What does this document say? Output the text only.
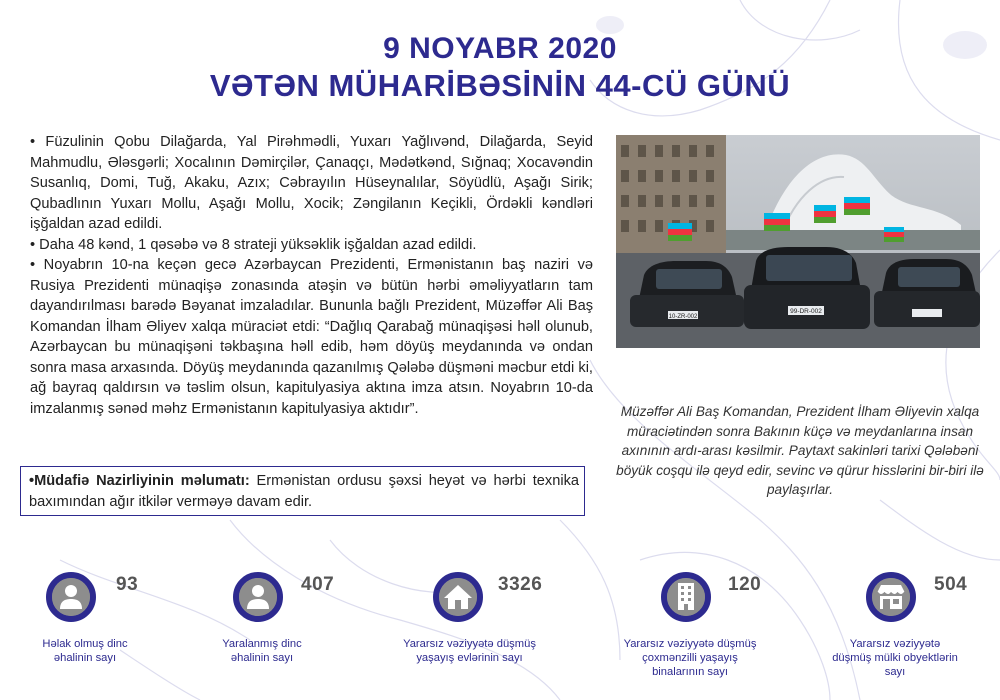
9 NOYABR 2020
VƏTƏN MÜHARİBƏSİNİN 44-CÜ GÜNÜ

• Füzulinin Qobu Dilağarda, Yal Pirəhmədli, Yuxarı Yağlıvənd, Dilağarda, Seyid Mahmudlu, Ələsgərli; Xocalının Dəmirçilər, Çanaqçı, Mədətkənd, Sığnaq; Xocavəndin Susanlıq, Domi, Tuğ, Akaku, Azıx; Cəbrayılın Hüseynalılar, Söyüdlü, Aşağı Sirik; Qubadlının Yuxarı Mollu, Aşağı Mollu, Xocik; Zəngilanın Keçikli, Ördəkli kəndləri işğaldan azad edildi.

• Daha 48 kənd, 1 qəsəbə və 8 strateji yüksəklik işğaldan azad edildi.

• Noyabrın 10-na keçən gecə Azərbaycan Prezidenti, Ermənistanın baş naziri və Rusiya Prezidenti münaqişə zonasında atəşin və bütün hərbi əməliyyatların tam dayandırılması barədə Bəyanat imzaladılar. Bununla bağlı Prezident, Müzəffər Ali Baş Komandan İlham Əliyev xalqa müraciət etdi: “Dağlıq Qarabağ münaqişəsi həll olunub, Azərbaycan bu münaqişəni təkbaşına həll edib, həm döyüş meydanında və ondan sonra masa arxasında. Döyüş meydanında qazanılmış Qələbə düşməni məcbur etdi ki, ağ bayraq qaldırsın və təslim olsun, kapitulyasiya aktına imza atsın. Noyabrın 10-da imzalanmış sənəd məhz Ermənistanın kapitulyasiya aktıdır”.

•Müdafiə Nazirliyinin məlumatı: Ermənistan ordusu şəxsi heyət və hərbi texnika baxımından ağır itkilər verməyə davam edir.
10-ZR-002
99-DR-002
Müzəffər Ali Baş Komandan, Prezident İlham Əliyevin xalqa müraciətindən sonra Bakının küçə və meydanlarına insan axınının ardı-arası kəsilmir. Paytaxt sakinləri tarixi Qələbəni böyük coşqu ilə qeyd edir, sevinc və qürur hisslərini bir-biri ilə paylaşırlar.
93
Həlak olmuş dinc əhalinin sayı
407
Yaralanmış dinc əhalinin sayı
3326
Yararsız vəziyyətə düşmüş yaşayış evlərinin sayı
120
Yararsız vəziyyətə düşmüş çoxmənzilli yaşayış binalarının sayı
504
Yararsız vəziyyətə düşmüş mülki obyektlərin sayı
